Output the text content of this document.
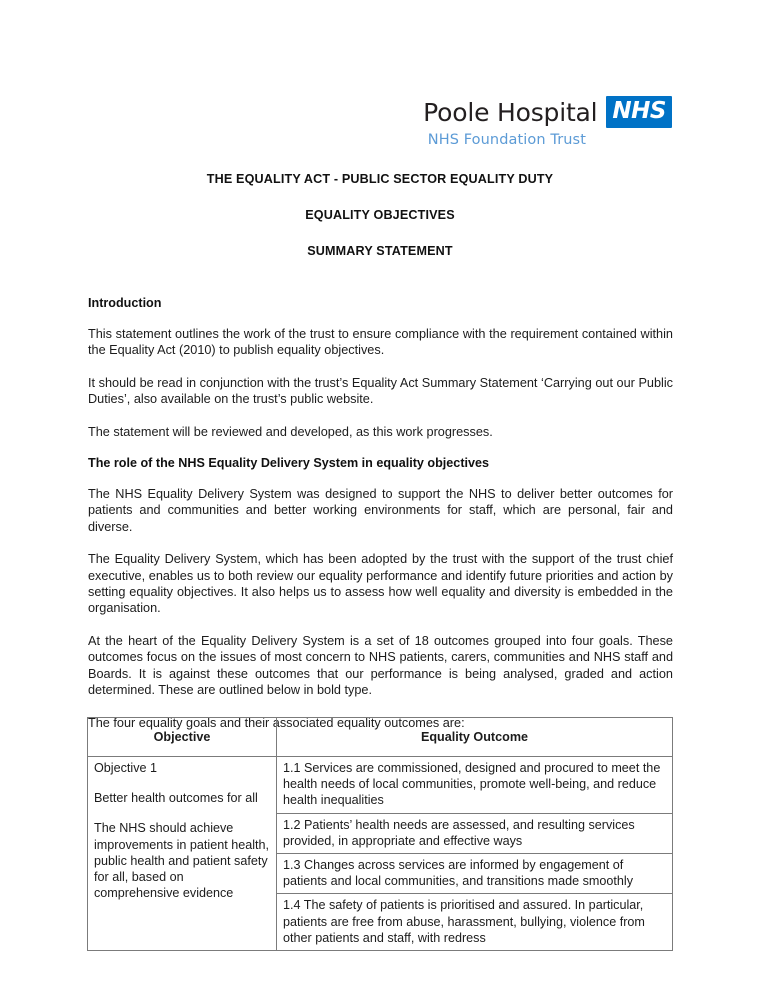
Poole Hospital NHS
NHS Foundation Trust
THE EQUALITY ACT - PUBLIC SECTOR EQUALITY DUTY
EQUALITY OBJECTIVES
SUMMARY STATEMENT
Introduction

This statement outlines the work of the trust to ensure compliance with the requirement contained within the Equality Act (2010) to publish equality objectives.

It should be read in conjunction with the trust’s Equality Act Summary Statement ‘Carrying out our Public Duties’, also available on the trust’s public website.

The statement will be reviewed and developed, as this work progresses.

The role of the NHS Equality Delivery System in equality objectives

The NHS Equality Delivery System was designed to support the NHS to deliver better outcomes for patients and communities and better working environments for staff, which are personal, fair and diverse.

The Equality Delivery System, which has been adopted by the trust with the support of the trust chief executive, enables us to both review our equality performance and identify future priorities and action by setting equality objectives. It also helps us to assess how well equality and diversity is embedded in the organisation.

At the heart of the Equality Delivery System is a set of 18 outcomes grouped into four goals. These outcomes focus on the issues of most concern to NHS patients, carers, communities and NHS staff and Boards. It is against these outcomes that our performance is being analysed, graded and action determined. These are outlined below in bold type.

The four equality goals and their associated equality outcomes are:

Objective	Equality Outcome

Objective 1
Better health outcomes for all
The NHS should achieve improvements in patient health, public health and patient safety for all, based on comprehensive evidence	1.1 Services are commissioned, designed and procured to meet the health needs of local communities, promote well-being, and reduce health inequalities
	1.2 Patients’ health needs are assessed, and resulting services provided, in appropriate and effective ways
	1.3 Changes across services are informed by engagement of patients and local communities, and transitions made smoothly
	1.4 The safety of patients is prioritised and assured. In particular, patients are free from abuse, harassment, bullying, violence from other patients and staff, with redress
